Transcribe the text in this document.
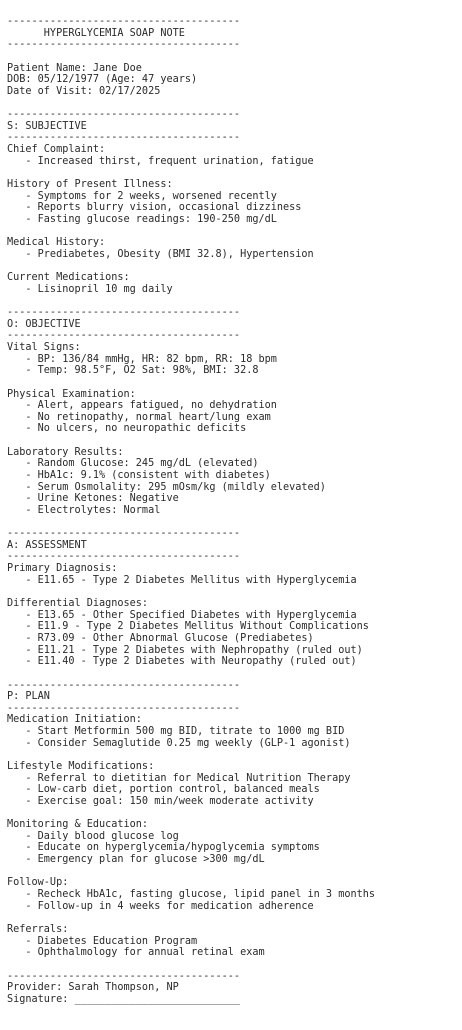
--------------------------------------
HYPERGLYCEMIA SOAP NOTE
--------------------------------------
Patient Name: Jane Doe
DOB: 05/12/1977 (Age: 47 years)
Date of Visit: 02/17/2025
--------------------------------------
S: SUBJECTIVE
--------------------------------------
Chief Complaint:
- Increased thirst, frequent urination, fatigue
History of Present Illness:
- Symptoms for 2 weeks, worsened recently
- Reports blurry vision, occasional dizziness
- Fasting glucose readings: 190-250 mg/dL
Medical History:
- Prediabetes, Obesity (BMI 32.8), Hypertension
Current Medications:
- Lisinopril 10 mg daily
--------------------------------------
O: OBJECTIVE
--------------------------------------
Vital Signs:
- BP: 136/84 mmHg, HR: 82 bpm, RR: 18 bpm
- Temp: 98.5°F, O2 Sat: 98%, BMI: 32.8
Physical Examination:
- Alert, appears fatigued, no dehydration
- No retinopathy, normal heart/lung exam
- No ulcers, no neuropathic deficits
Laboratory Results:
- Random Glucose: 245 mg/dL (elevated)
- HbA1c: 9.1% (consistent with diabetes)
- Serum Osmolality: 295 mOsm/kg (mildly elevated)
- Urine Ketones: Negative
- Electrolytes: Normal
--------------------------------------
A: ASSESSMENT
--------------------------------------
Primary Diagnosis:
- E11.65 - Type 2 Diabetes Mellitus with Hyperglycemia
Differential Diagnoses:
- E13.65 - Other Specified Diabetes with Hyperglycemia
- E11.9 - Type 2 Diabetes Mellitus Without Complications
- R73.09 - Other Abnormal Glucose (Prediabetes)
- E11.21 - Type 2 Diabetes with Nephropathy (ruled out)
- E11.40 - Type 2 Diabetes with Neuropathy (ruled out)
--------------------------------------
P: PLAN
--------------------------------------
Medication Initiation:
- Start Metformin 500 mg BID, titrate to 1000 mg BID
- Consider Semaglutide 0.25 mg weekly (GLP-1 agonist)
Lifestyle Modifications:
- Referral to dietitian for Medical Nutrition Therapy
- Low-carb diet, portion control, balanced meals
- Exercise goal: 150 min/week moderate activity
Monitoring & Education:
- Daily blood glucose log
- Educate on hyperglycemia/hypoglycemia symptoms
- Emergency plan for glucose >300 mg/dL
Follow-Up:
- Recheck HbA1c, fasting glucose, lipid panel in 3 months
- Follow-up in 4 weeks for medication adherence
Referrals:
- Diabetes Education Program
- Ophthalmology for annual retinal exam
--------------------------------------
Provider: Sarah Thompson, NP
Signature: ___________________________
